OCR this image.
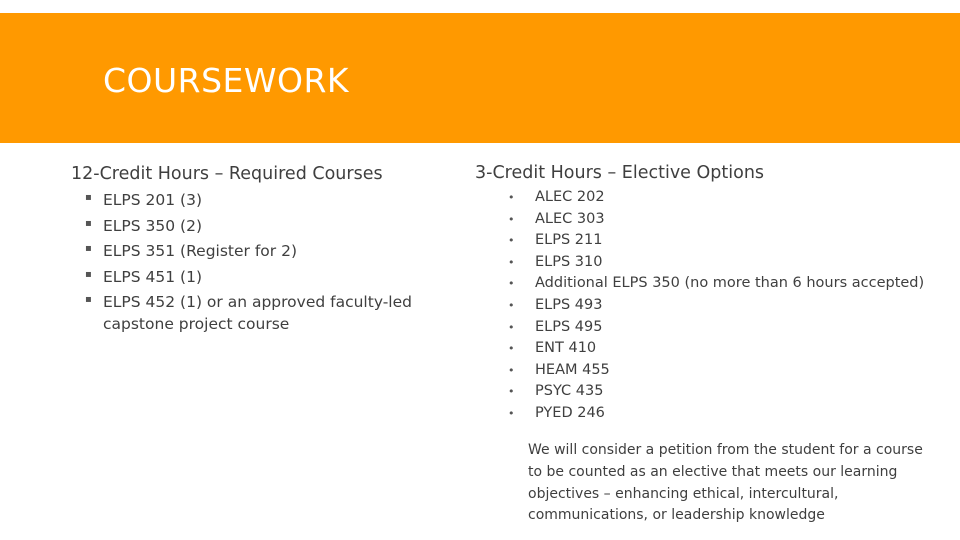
COURSEWORK
12-Credit Hours – Required Courses
▪ ELPS 201 (3)
▪ ELPS 350 (2)
▪ ELPS 351 (Register for 2)
▪ ELPS 451 (1)
▪ ELPS 452 (1) or an approved faculty-led capstone project course
3-Credit Hours – Elective Options
• ALEC 202
• ALEC 303
• ELPS 211
• ELPS 310
• Additional ELPS 350 (no more than 6 hours accepted)
• ELPS 493
• ELPS 495
• ENT 410
• HEAM 455
• PSYC 435
• PYED 246

We will consider a petition from the student for a course to be counted as an elective that meets our learning objectives – enhancing ethical, intercultural, communications, or leadership knowledge
